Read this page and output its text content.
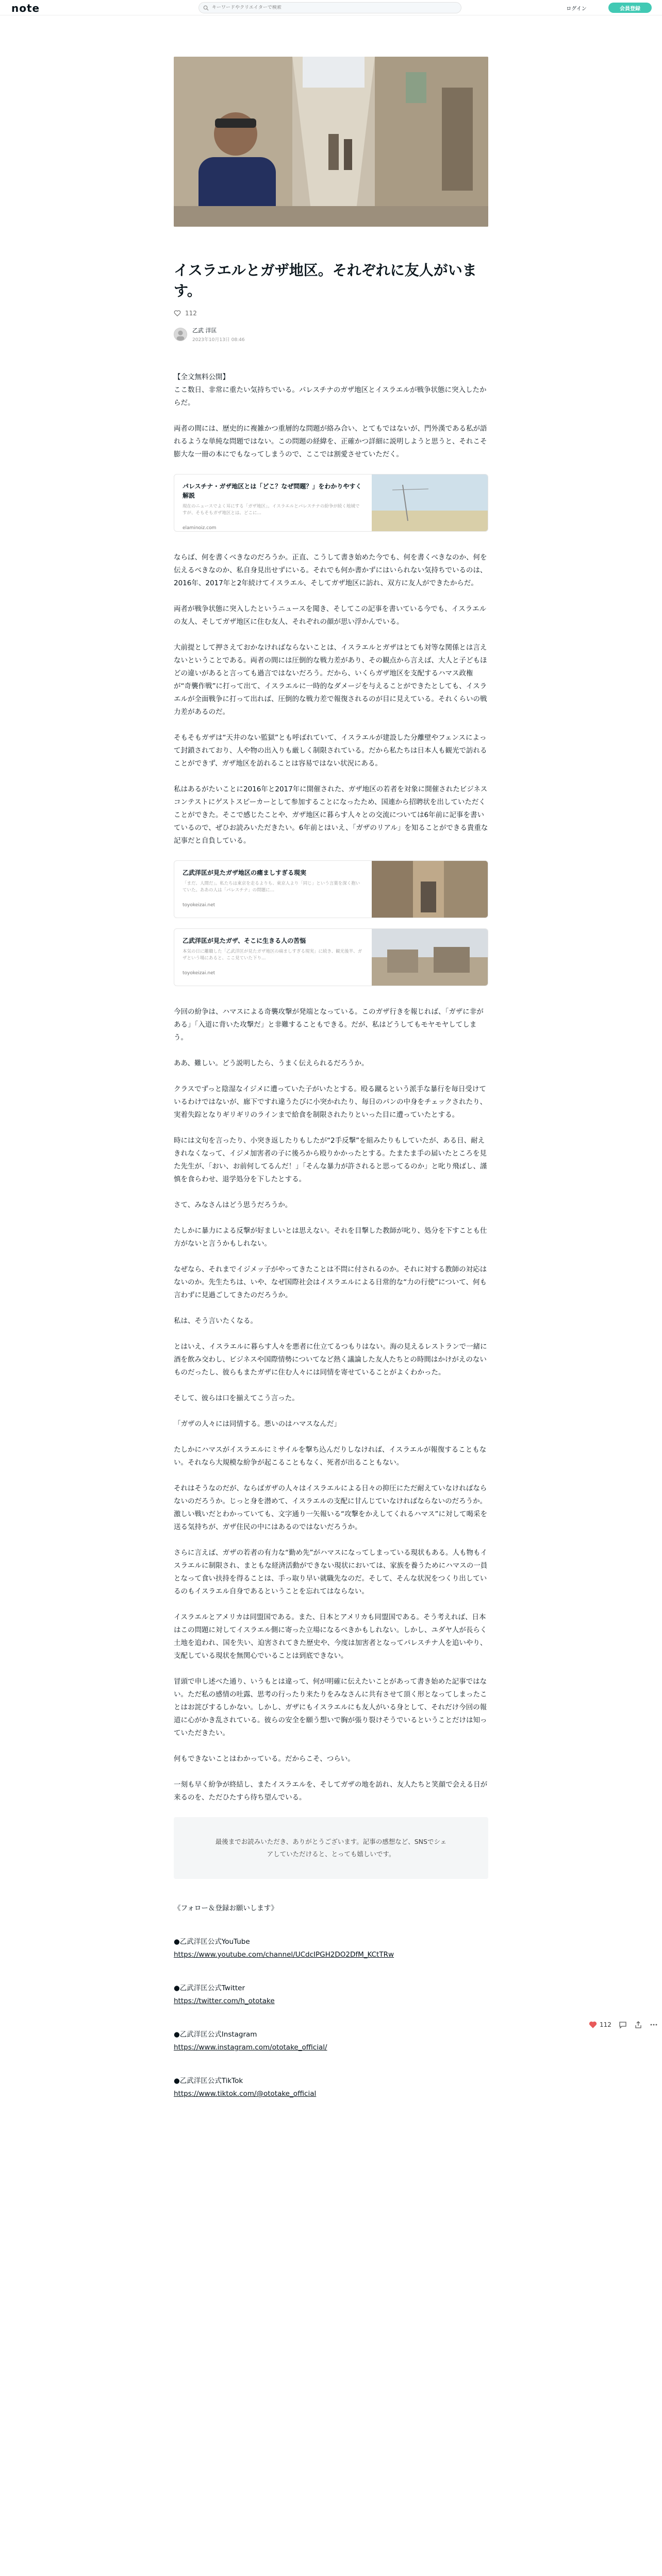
note
キーワードやクリエイターで検索	ログイン	会員登録
イスラエルとガザ地区。それぞれに友人がいます。
112
乙武 洋匡
2023年10月13日 08:46

【全文無料公開】
ここ数日、非常に重たい気持ちでいる。パレスチナのガザ地区とイスラエルが戦争状態に突入したからだ。

両者の間には、歴史的に複雑かつ重層的な問題が絡み合い、とてもではないが、門外漢である私が語れるような単純な問題ではない。この問題の経緯を、正確かつ詳細に説明しようと思うと、それこそ膨大な一冊の本にでもなってしまうので、ここでは割愛させていただく。

パレスチナ・ガザ地区とは「どこ？なぜ問題？」をわかりやすく解説
現在のニュースでよく耳にする「ガザ地区」。イスラエルとパレスチナの紛争が続く地域ですが、そもそもガザ地区とは、どこに…
elaminoiz.com

ならば、何を書くべきなのだろうか。正直、こうして書き始めた今でも、何を書くべきなのか、何を伝えるべきなのか、私自身見出せずにいる。それでも何か書かずにはいられない気持ちでいるのは、2016年、2017年と2年続けてイスラエル、そしてガザ地区に訪れ、双方に友人ができたからだ。

両者が戦争状態に突入したというニュースを聞き、そしてこの記事を書いている今でも、イスラエルの友人、そしてガザ地区に住む友人、それぞれの顔が思い浮かんでいる。

大前提として押さえておかなければならないことは、イスラエルとガザはとても対等な関係とは言えないということである。両者の間には圧倒的な戦力差があり、その観点から言えば、大人と子どもほどの違いがあると言っても過言ではないだろう。だから、いくらガザ地区を支配するハマス政権が“奇襲作戦”に打って出て、イスラエルに一時的なダメージを与えることができたとしても、イスラエルが全面戦争に打って出れば、圧倒的な戦力差で報復されるのが目に見えている。それくらいの戦力差があるのだ。

そもそもガザは“天井のない監獄”とも呼ばれていて、イスラエルが建設した分離壁やフェンスによって封鎖されており、人や物の出入りも厳しく制限されている。だから私たちは日本人も観光で訪れることができず、ガザ地区を訪れることは容易ではない状況にある。

私はあるがたいことに2016年と2017年に開催された、ガザ地区の若者を対象に開催されたビジネスコンテストにゲストスピーカーとして参加することになったため、国連から招聘状を出していただくことができた。そこで感じたことや、ガザ地区に暮らす人々との交流については6年前に記事を書いているので、ぜひお読みいただきたい。6年前とはいえ、「ガザのリアル」を知ることができる貴重な記事だと自負している。

乙武洋匡が見たガザ地区の痛ましすぎる現実
「まだ、人間だ」。私たちは東京を走るよりも、東京人より「同じ」という言葉を深く抱いていた。ああの人は「パレスチナ」の問題に…
toyokeizai.net
乙武洋匡が見たガザ、そこに生きる人の苦悩
本気の日に離職した「乙武洋匡が見たガザ地区の痛ましすぎる現実」に続き、観光後半、ガザという場にあると、ここ見ていた下り…
toyokeizai.net

今回の紛争は、ハマスによる奇襲攻撃が発端となっている。このガザ行きを報じれば、「ガザに非がある」「入道に背いた攻撃だ」と非難することもできる。だが、私はどうしてもモヤモヤしてしまう。

ああ、難しい。どう説明したら、うまく伝えられるだろうか。

クラスでずっと陰湿なイジメに遭っていた子がいたとする。殴る蹴るという派手な暴行を毎日受けているわけではないが、廊下ですれ違うたびに小突かれたり、毎日のパンの中身をチェックされたり、実着失踪となりギリギリのラインまで給食を制限されたりといった目に遭っていたとする。

時には文句を言ったり、小突き返したりもしたが“2手反撃”を組みたりもしていたが、ある日、耐えきれなくなって、イジメ加害者の子に後ろから殴りかかったとする。たまたま手の届いたところを見た先生が、「おい、お前何してるんだ！」「そんな暴力が許されると思ってるのか」と叱り飛ばし、謹慎を食らわせ、退学処分を下したとする。

さて、みなさんはどう思うだろうか。

たしかに暴力による反撃が好ましいとは思えない。それを目撃した教師が叱り、処分を下すことも仕方がないと言うかもしれない。

なぜなら、それまでイジメッ子がやってきたことは不問に付されるのか。それに対する教師の対応はないのか。先生たちは、いや、なぜ国際社会はイスラエルによる日常的な“力の行使”について、何も言わずに見過ごしてきたのだろうか。

私は、そう言いたくなる。

とはいえ、イスラエルに暮らす人々を悪者に仕立てるつもりはない。海の見えるレストランで一緒に酒を飲み交わし、ビジネスや国際情勢についてなど熱く議論した友人たちとの時間はかけがえのないものだったし、彼らもまたガザに住む人々には同情を寄せていることがよくわかった。

そして、彼らは口を揃えてこう言った。

「ガザの人々には同情する。悪いのはハマスなんだ」

たしかにハマスがイスラエルにミサイルを撃ち込んだりしなければ、イスラエルが報復することもない。それなら大規模な紛争が起こることもなく、死者が出ることもない。

それはそうなのだが、ならばガザの人々はイスラエルによる日々の抑圧にただ耐えていなければならないのだろうか。じっと身を潜めて、イスラエルの支配に甘んじていなければならないのだろうか。激しい戦いだとわかっていても、文字通り一矢報いる“攻撃をかえしてくれるハマス”に対して喝采を送る気持ちが、ガザ住民の中にはあるのではないだろうか。

さらに言えば、ガザの若者の有力な“勤め先”がハマスになってしまっている現状もある。人も物もイスラエルに制限され、まともな経済活動ができない現状においては、家族を養うためにハマスの一員となって食い扶持を得ることは、手っ取り早い就職先なのだ。そして、そんな状況をつくり出しているのもイスラエル自身であるということを忘れてはならない。

イスラエルとアメリカは同盟国である。また、日本とアメリカも同盟国である。そう考えれば、日本はこの問題に対してイスラエル側に寄った立場になるべきかもしれない。しかし、ユダヤ人が長らく土地を追われ、国を失い、迫害されてきた歴史や、今度は加害者となってパレスチナ人を追いやり、支配している現状を無関心でいることは到底できない。

冒頭で申し述べた通り、いうもとは違って、何が明確に伝えたいことがあって書き始めた記事ではない。ただ私の感情の吐露、思考の行ったり来たりをみなさんに共有させて頂く形となってしまったことはお詫びするしかない。しかし、ガザにもイスラエルにも友人がいる身として、それだけ今回の報道に心がかき乱されている。彼らの安全を願う想いで胸が張り裂けそうでいるということだけは知っていただきたい。

何もできないことはわかっている。だからこそ、つらい。

一刻も早く紛争が終結し、またイスラエルを、そしてガザの地を訪れ、友人たちと笑顔で会える日が来るのを、ただひたすら待ち望んでいる。

最後までお読みいただき、ありがとうございます。記事の感想など、SNSでシェアしていただけると、とっても嬉しいです。

《フォロー＆登録お願いします》

●乙武洋匡公式YouTube
https://www.youtube.com/channel/UCdcIPGH2DO2DfM_KCtTRw
●乙武洋匡公式Twitter
https://twitter.com/h_ototake
●乙武洋匡公式Instagram
https://www.instagram.com/ototake_official/
●乙武洋匡公式TikTok
https://www.tiktok.com/@ototake_official
112
